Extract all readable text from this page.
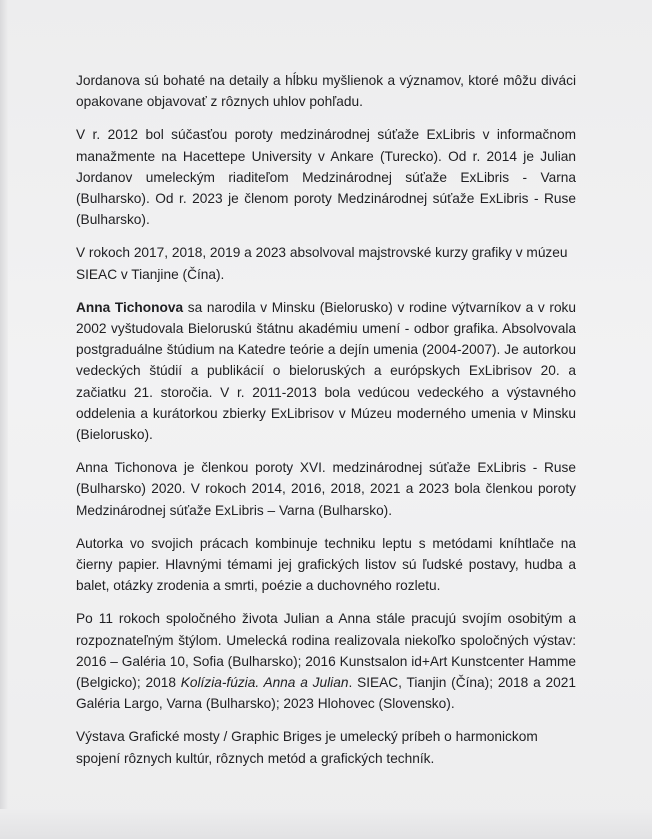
Jordanova sú bohaté na detaily a hĺbku myšlienok a významov, ktoré môžu diváci opakovane objavovať z rôznych uhlov pohľadu.

V r. 2012 bol súčasťou poroty medzinárodnej súťaže ExLibris v informačnom manažmente na Hacettepe University v Ankare (Turecko). Od r. 2014 je Julian Jordanov umeleckým riaditeľom Medzinárodnej súťaže ExLibris - Varna (Bulharsko). Od r. 2023 je členom poroty Medzinárodnej súťaže ExLibris - Ruse (Bulharsko).

V rokoch 2017, 2018, 2019 a 2023 absolvoval majstrovské kurzy grafiky v múzeu SIEAC v Tianjine (Čína).

Anna Tichonova sa narodila v Minsku (Bielorusko) v rodine výtvarníkov a v roku 2002 vyštudovala Bieloruskú štátnu akadémiu umení - odbor grafika. Absolvovala postgraduálne štúdium na Katedre teórie a dejín umenia (2004-2007). Je autorkou vedeckých štúdií a publikácií o bieloruských a európskych ExLibrisov 20. a začiatku 21. storočia. V r. 2011-2013 bola vedúcou vedeckého a výstavného oddelenia a kurátorkou zbierky ExLibrisov v Múzeu moderného umenia v Minsku (Bielorusko).

Anna Tichonova je členkou poroty XVI. medzinárodnej súťaže ExLibris - Ruse (Bulharsko) 2020. V rokoch 2014, 2016, 2018, 2021 a 2023 bola členkou poroty Medzinárodnej súťaže ExLibris – Varna (Bulharsko).

Autorka vo svojich prácach kombinuje techniku leptu s metódami kníhtlače na čierny papier. Hlavnými témami jej grafických listov sú ľudské postavy, hudba a balet, otázky zrodenia a smrti, poézie a duchovného rozletu.

Po 11 rokoch spoločného života Julian a Anna stále pracujú svojím osobitým a rozpoznateľným štýlom. Umelecká rodina realizovala niekoľko spoločných výstav: 2016 – Galéria 10, Sofia (Bulharsko); 2016 Kunstsalon id+Art Kunstcenter Hamme (Belgicko); 2018 Kolízia-fúzia. Anna a Julian. SIEAC, Tianjin (Čína); 2018 a 2021 Galéria Largo, Varna (Bulharsko); 2023 Hlohovec (Slovensko).

Výstava Grafické mosty / Graphic Briges je umelecký príbeh o harmonickom spojení rôznych kultúr, rôznych metód a grafických techník.
